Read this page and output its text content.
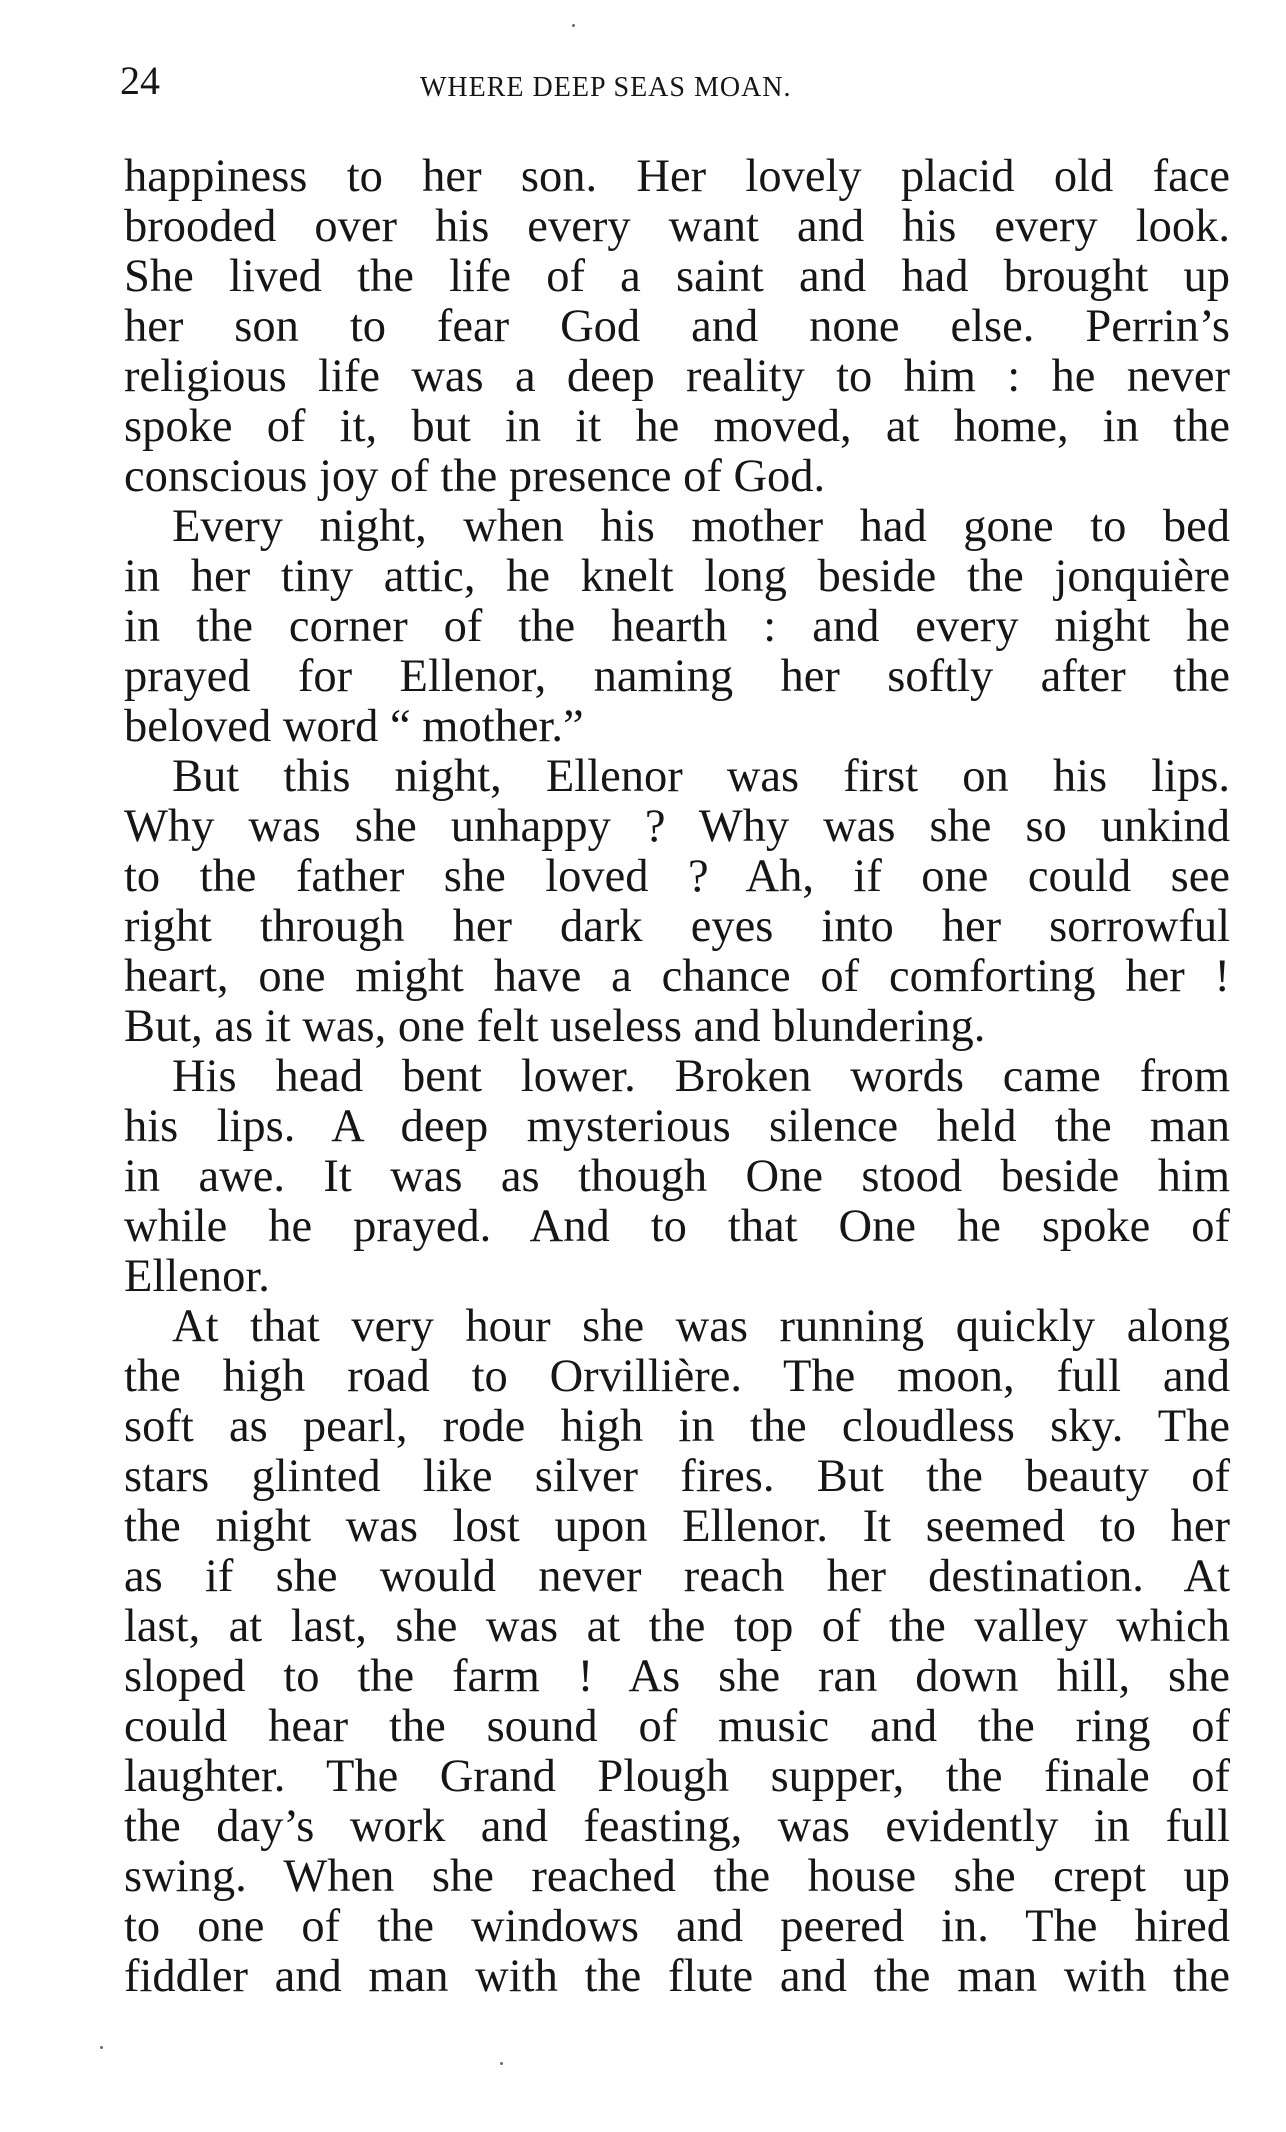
24	WHERE DEEP SEAS MOAN.
happiness to her son. Her lovely placid old face
brooded over his every want and his every look.
She lived the life of a saint and had brought up
her son to fear God and none else. Perrin’s
religious life was a deep reality to him : he never
spoke of it, but in it he moved, at home, in the
conscious joy of the presence of God.
Every night, when his mother had gone to bed
in her tiny attic, he knelt long beside the jonquière
in the corner of the hearth : and every night he
prayed for Ellenor, naming her softly after the
beloved word “ mother.”
But this night, Ellenor was first on his lips.
Why was she unhappy ? Why was she so unkind
to the father she loved ? Ah, if one could see
right through her dark eyes into her sorrowful
heart, one might have a chance of comforting her !
But, as it was, one felt useless and blundering.
His head bent lower. Broken words came from
his lips. A deep mysterious silence held the man
in awe. It was as though One stood beside him
while he prayed. And to that One he spoke of
Ellenor.
At that very hour she was running quickly along
the high road to Orvillière. The moon, full and
soft as pearl, rode high in the cloudless sky. The
stars glinted like silver fires. But the beauty of
the night was lost upon Ellenor. It seemed to her
as if she would never reach her destination. At
last, at last, she was at the top of the valley which
sloped to the farm ! As she ran down hill, she
could hear the sound of music and the ring of
laughter. The Grand Plough supper, the finale of
the day’s work and feasting, was evidently in full
swing. When she reached the house she crept up
to one of the windows and peered in. The hired
fiddler and man with the flute and the man with the
